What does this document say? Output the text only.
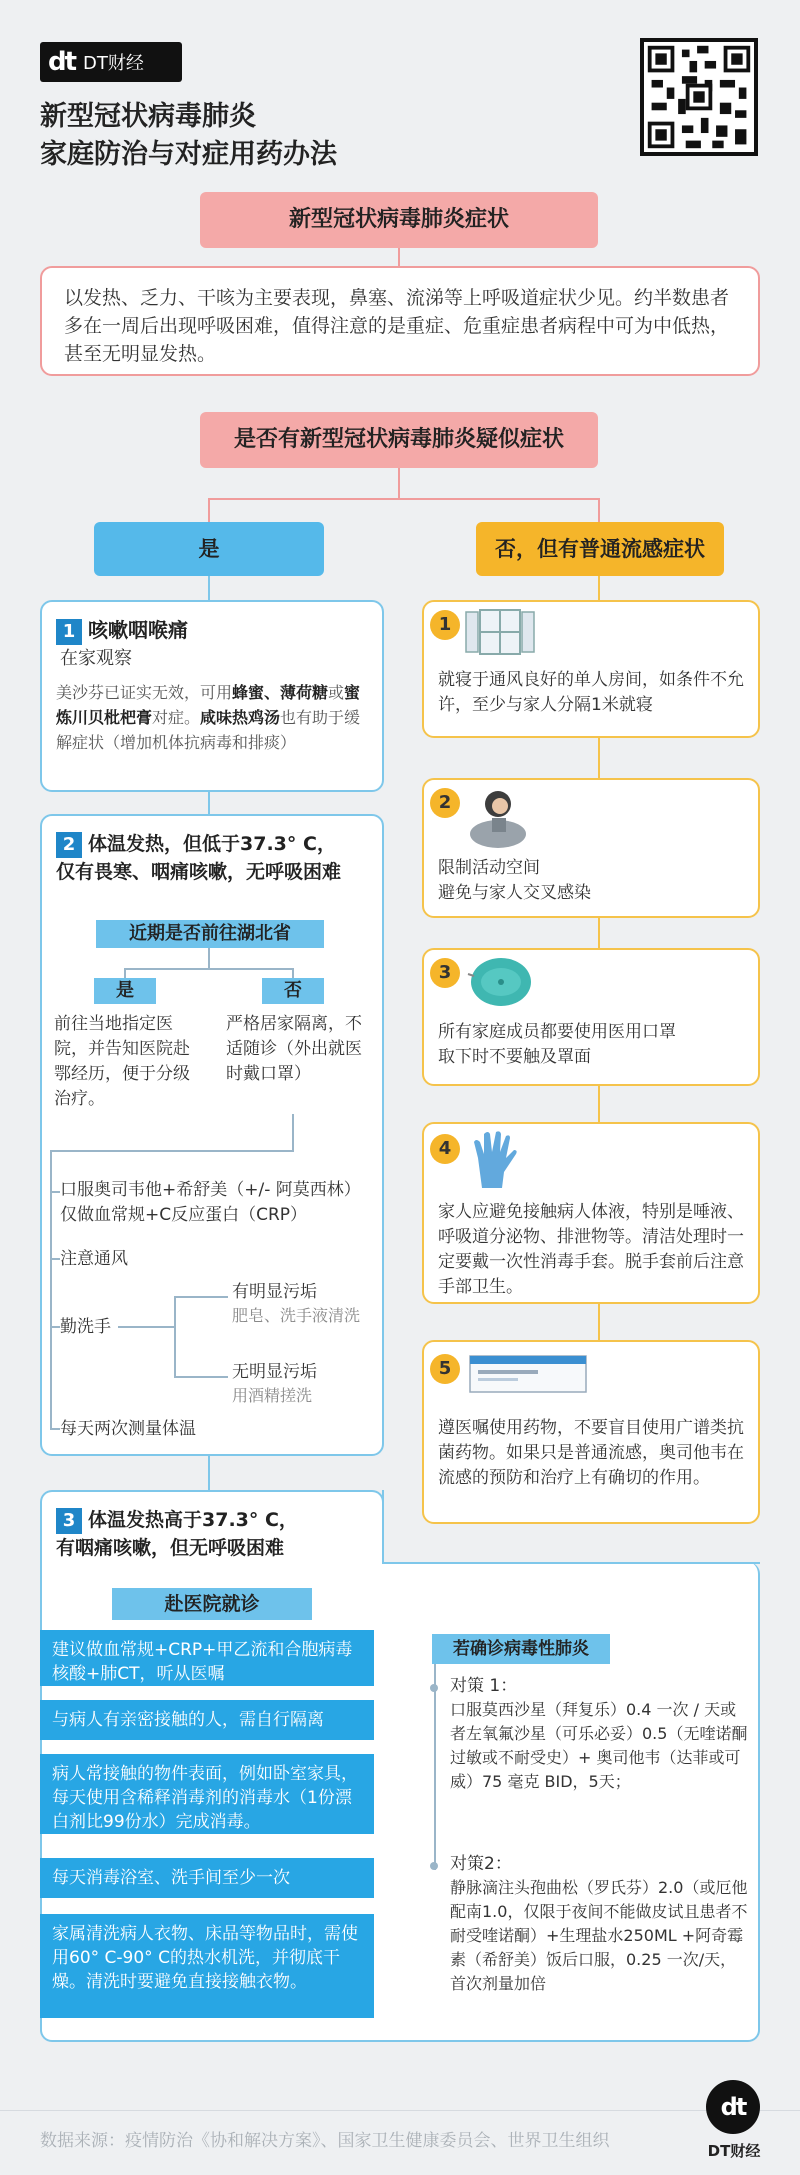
dt DT财经
新型冠状病毒肺炎
家庭防治与对症用药办法
新型冠状病毒肺炎症状
以发热、乏力、干咳为主要表现，鼻塞、流涕等上呼吸道症状少见。约半数患者多在一周后出现呼吸困难，值得注意的是重症、危重症患者病程中可为中低热，甚至无明显发热。
是否有新型冠状病毒肺炎疑似症状
是	否，但有普通流感症状
1 咳嗽咽喉痛
在家观察
美沙芬已证实无效，可用蜂蜜、薄荷糖或蜜炼川贝枇杷膏对症。咸味热鸡汤也有助于缓解症状（增加机体抗病毒和排痰）
2 体温发热，但低于37.3° C，
仅有畏寒、咽痛咳嗽，无呼吸困难
近期是否前往湖北省
是	否
前往当地指定医院，并告知医院赴鄂经历，便于分级治疗。
严格居家隔离，不适随诊（外出就医时戴口罩）
口服奥司韦他+希舒美（+/- 阿莫西林）仅做血常规+C反应蛋白（CRP）
注意通风
勤洗手
有明显污垢
肥皂、洗手液清洗
无明显污垢
用酒精搓洗
每天两次测量体温
3 体温发热高于37.3° C，
有咽痛咳嗽，但无呼吸困难
赴医院就诊
建议做血常规+CRP+甲乙流和合胞病毒核酸+肺CT，听从医嘱
与病人有亲密接触的人，需自行隔离
病人常接触的物件表面，例如卧室家具，每天使用含稀释消毒剂的消毒水（1份漂白剂比99份水）完成消毒。
每天消毒浴室、洗手间至少一次
家属清洗病人衣物、床品等物品时，需使用60° C-90° C的热水机洗，并彻底干燥。清洗时要避免直接接触衣物。
若确诊病毒性肺炎
对策 1：
口服莫西沙星（拜复乐）0.4 一次 / 天或者左氧氟沙星（可乐必妥）0.5（无喹诺酮过敏或不耐受史）+ 奥司他韦（达菲或可威）75 毫克 BID，5天；
对策2：
静脉滴注头孢曲松（罗氏芬）2.0（或厄他配南1.0，仅限于夜间不能做皮试且患者不耐受喹诺酮）+生理盐水250ML +阿奇霉素（希舒美）饭后口服，0.25 一次/天，首次剂量加倍
1
就寝于通风良好的单人房间，如条件不允许，至少与家人分隔1米就寝
2
限制活动空间
避免与家人交叉感染
3
所有家庭成员都要使用医用口罩
取下时不要触及罩面
4
家人应避免接触病人体液，特别是唾液、呼吸道分泌物、排泄物等。清洁处理时一定要戴一次性消毒手套。脱手套前后注意手部卫生。
5
遵医嘱使用药物，不要盲目使用广谱类抗菌药物。如果只是普通流感，奥司他韦在流感的预防和治疗上有确切的作用。
数据来源：疫情防治《协和解决方案》、国家卫生健康委员会、世界卫生组织
dt
DT财经
